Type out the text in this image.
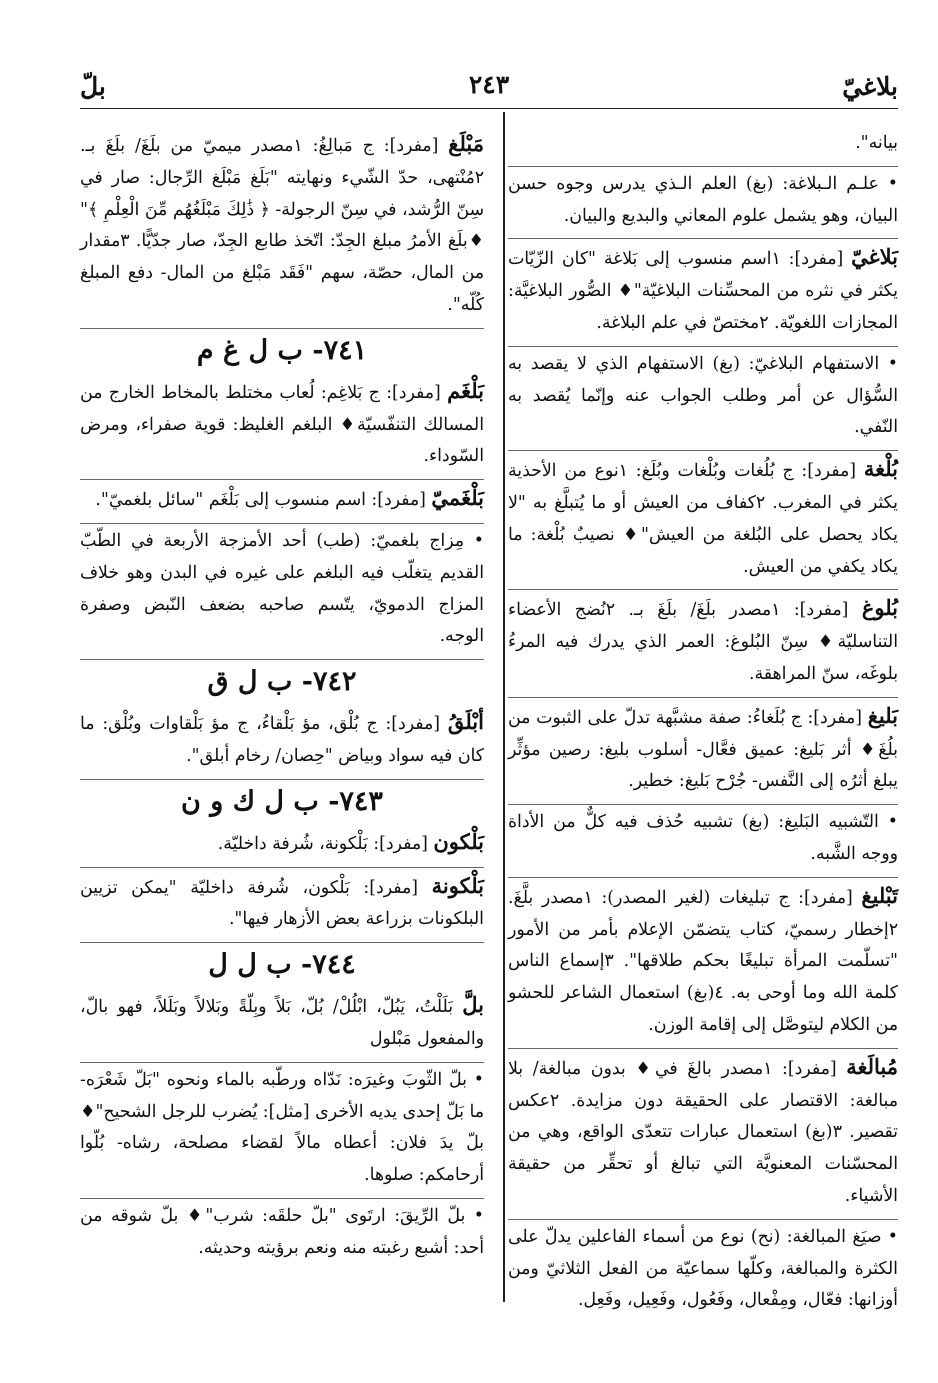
بلاغيّ
٢٤٣
بلّ

بيانه".

• علـم الـبلاغة: (بغ) العلم الـذي يدرس وجوه حسن البيان، وهو يشمل علوم المعاني والبديع والبيان.

بَلاغيّ [مفرد]: ١اسم منسوب إلى بَلاغة "كان الزّيّات يكثر في نثره من المحسِّنات البلاغيّة"♦ الصُّور البلاغيَّة: المجازات اللغويّة. ٢مختصّ في علم البلاغة.

• الاستفهام البلاغيّ: (بغ) الاستفهام الذي لا يقصد به السُّؤال عن أمر وطلب الجواب عنه وإنّما يُقصد به النّفي.

بُلْغة [مفرد]: ج بُلُغات وبُلْغات وبُلَغ: ١نوع من الأحذية يكثر في المغرب. ٢كفاف من العيش أو ما يُتبلَّغ به "لا يكاد يحصل على البُلغة من العيش"♦ نصيبٌ بُلْغة: ما يكاد يكفي من العيش.

بُلوغ [مفرد]: ١مصدر بلَغَ/ بلَغَ بـ. ٢نُضج الأعضاء التناسليّة♦ سِنّ البُلوغ: العمر الذي يدرك فيه المرءُ بلوغَه، سنّ المراهقة.

بَليغ [مفرد]: ج بُلَغاءُ: صفة مشبَّهة تدلّ على الثبوت من بلُغَ♦ أثر بَليغ: عميق فعَّال- أسلوب بليغ: رصين مؤثِّر يبلغ أثرُه إلى النَّفس- جُرْح بَليغ: خطير.

• التّشبيه البَليغ: (بغ) تشبيه حُذف فيه كلٌّ من الأداة ووجه الشَّبه.

تَبْليغ [مفرد]: ج تبليغات (لغير المصدر): ١مصدر بلَّغَ. ٢إخطار رسميّ، كتاب يتضمّن الإعلام بأمر من الأمور "تسلّمت المرأة تبليغًا بحكم طلاقها". ٣إسماع الناس كلمة الله وما أوحى به. ٤(بغ) استعمال الشاعر للحشو من الكلام ليتوصَّل إلى إقامة الوزن.

مُبالَغة [مفرد]: ١مصدر بالغَ في♦ بدون مبالغة/ بلا مبالغة: الاقتصار على الحقيقة دون مزايدة. ٢عكس تقصير. ٣(بغ) استعمال عبارات تتعدّى الواقع، وهي من المحسّنات المعنويَّة التي تبالغ أو تحقِّر من حقيقة الأشياء.

• صيَغ المبالغة: (نح) نوع من أسماء الفاعلين يدلّ على الكثرة والمبالغة، وكلّها سماعيّة من الفعل الثلاثيّ ومن أوزانها: فعّال، ومِفْعال، وفَعُول، وفَعِيل، وفَعِل.

مَبْلَغ [مفرد]: ج مَبالِغُ: ١مصدر ميميّ من بلَغَ/ بلَغَ بـ. ٢مُنْتهى، حدّ الشّيء ونهايته "بَلَغ مَبْلَغ الرِّجال: صار في سِنّ الرُّشد، في سِنّ الرجولة- ﴿ ذَٰلِكَ مَبْلَغُهُم مِّنَ الْعِلْمِ ﴾" ♦بلَغ الأمرُ مبلغ الجِدّ: اتّخذ طابع الجِدّ، صار جدّيًّا. ٣مقدار من المال، حصّة، سهم "فَقَد مَبْلغ من المال- دفع المبلغ كُلّه".

٧٤١- ب ل غ م

بَلْغَم [مفرد]: ج بَلاغِم: لُعاب مختلط بالمخاط الخارج من المسالك التنفّسيّة♦ البلغم الغليظ: قوية صفراء، ومرض السّوداء.

بَلْغَميّ [مفرد]: اسم منسوب إلى بَلْغَم "سائل بلغميّ".

• مِزاج بلغميّ: (طب) أحد الأمزجة الأربعة في الطّبّ القديم يتغلّب فيه البلغم على غيره في البدن وهو خلاف المزاج الدمويّ، يتّسم صاحبه بضعف النّبض وصفرة الوجه.

٧٤٢- ب ل ق

أبْلَقُ [مفرد]: ج بُلْق، مؤ بَلْقاءُ، ج مؤ بَلْقاوات وبُلْق: ما كان فيه سواد وبياض "حِصان/ رخام أبلق".

٧٤٣- ب ل ك و ن

بَلْكون [مفرد]: بَلْكونة، شُرفة داخليّة.

بَلْكونة [مفرد]: بَلْكون، شُرفة داخليّة "يمكن تزيين البلكونات بزراعة بعض الأزهار فيها".

٧٤٤- ب ل ل

بلَّ بَلَلْتُ، يَبُلّ، ابْلُلْ/ بُلّ، بَلاً وبِلّةً وبَلالاً وبَلَلاً، فهو بالّ، والمفعول مَبْلول

• بلّ الثّوبَ وغيرَه: نَدّاه ورطّبه بالماء ونحوه "بَلّ شَعْرَه- ما بَلّ إحدى يديه الأخرى [مثل]: يُضرب للرجل الشحيح"♦ بلّ يدَ فلان: أعطاه مالاً لقضاء مصلحة، رشاه- بُلّوا أرحامكم: صلوها.

• بلّ الرِّيقَ: ارتَوى "بلّ حلقَه: شرب"♦ بلّ شوقه من أحد: أشبع رغبته منه ونعم برؤيته وحديثه.
